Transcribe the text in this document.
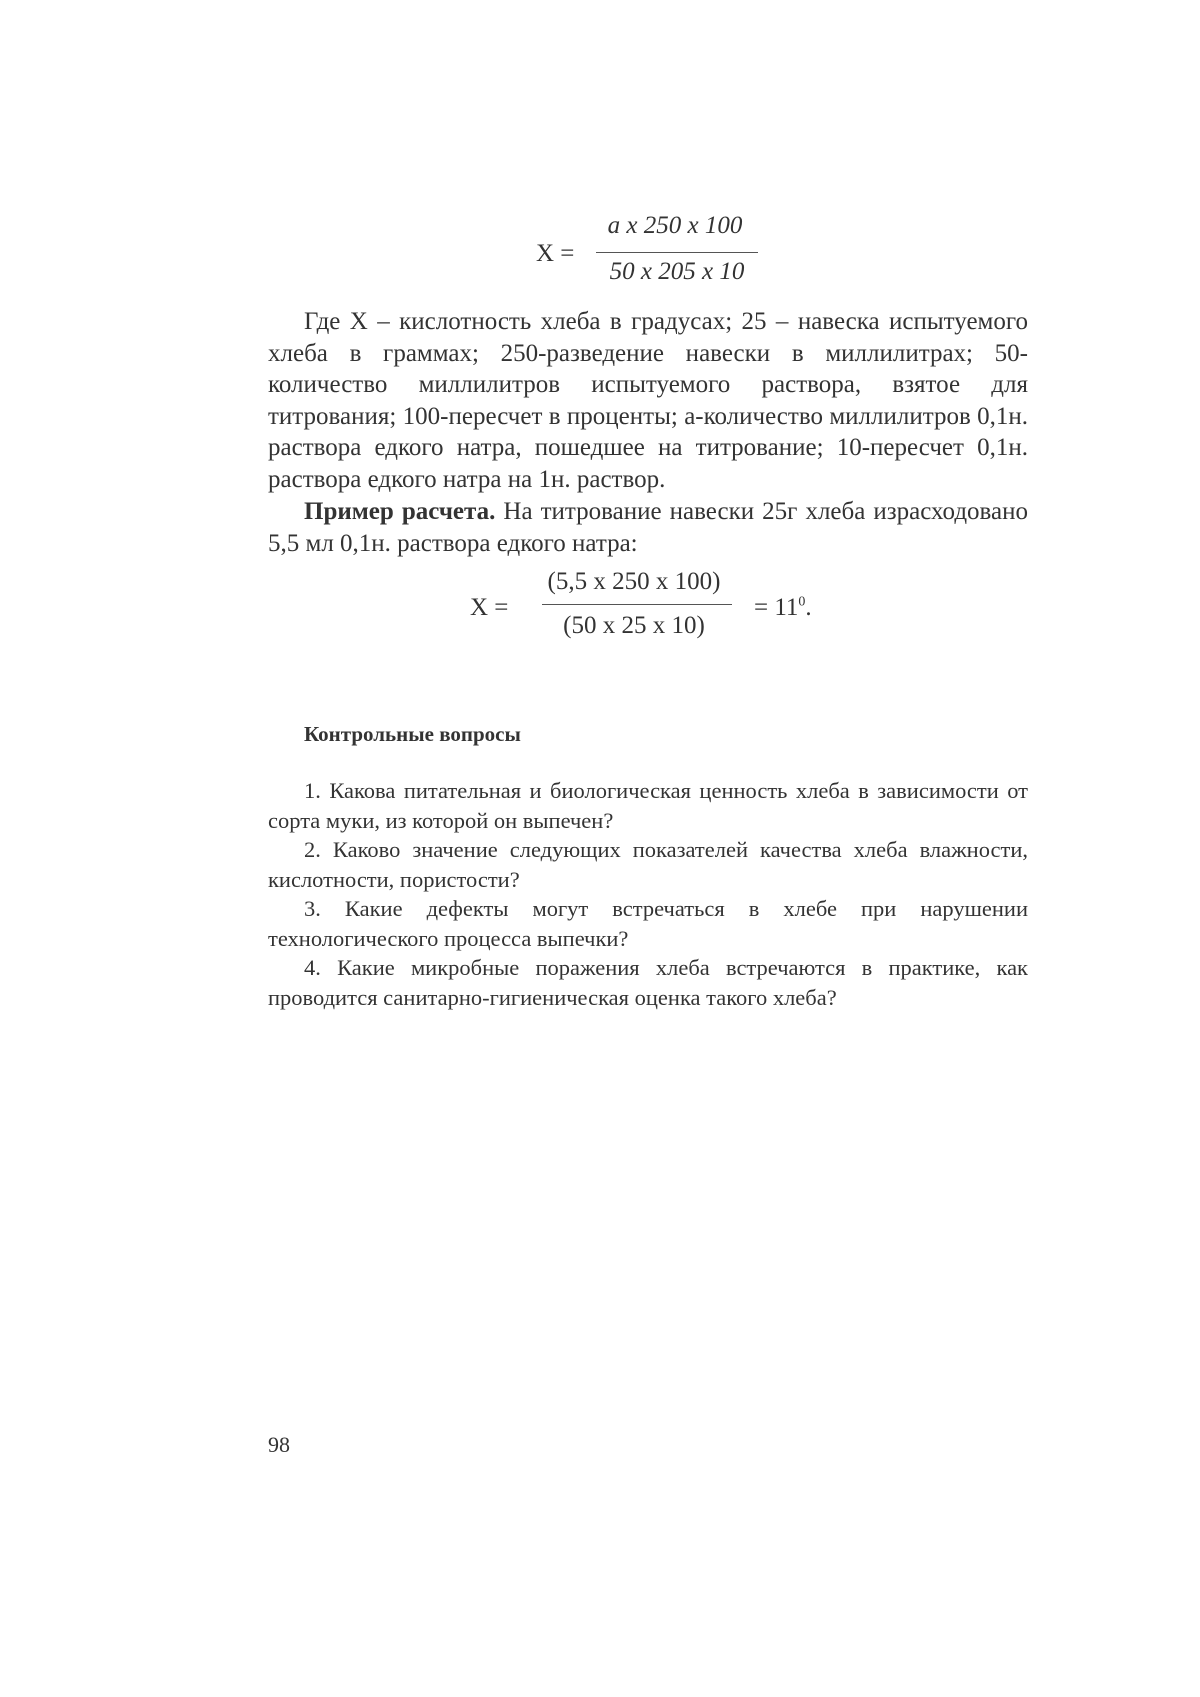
X =
a x 250 x 100
50 x 205 x 10

Где X – кислотность хлеба в градусах; 25 – навеска испытуемого хлеба в граммах; 250-разведение навески в миллилитрах; 50-количество миллилитров испытуемого раствора, взятое для титрования; 100-пересчет в проценты; а-количество миллилитров 0,1н. раствора едкого натра, пошедшее на титрование; 10-пересчет 0,1н. раствора едкого натра на 1н. раствор.

Пример расчета. На титрование навески 25г хлеба израсходовано 5,5 мл 0,1н. раствора едкого натра:

X =
(5,5 x 250 x 100)
(50 x 25 x 10)
= $11^0$.
Контрольные вопросы

1. Какова питательная и биологическая ценность хлеба в зависимости от сорта муки, из которой он выпечен?

2. Каково значение следующих показателей качества хлеба влажности, кислотности, пористости?

3. Какие дефекты могут встречаться в хлебе при нарушении технологического процесса выпечки?

4. Какие микробные поражения хлеба встречаются в практике, как проводится санитарно-гигиеническая оценка такого хлеба?

98
